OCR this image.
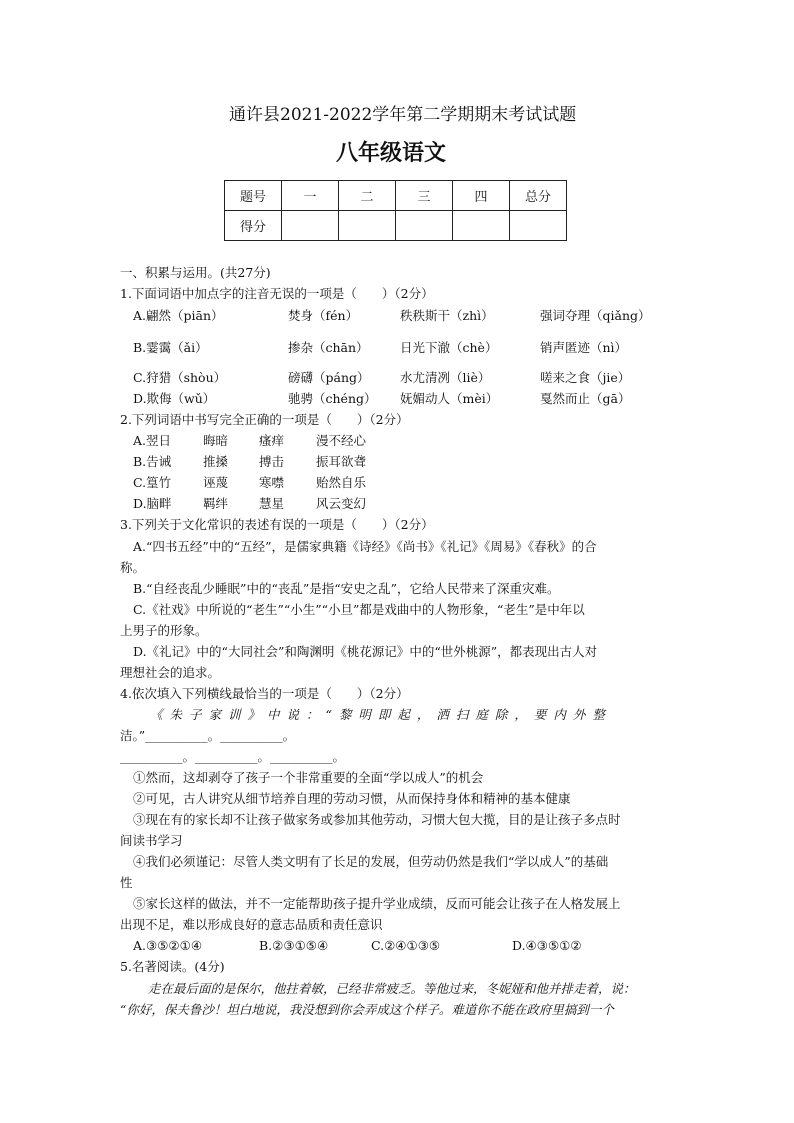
通许县2021-2022学年第二学期期末考试试题
八年级语文
题号	一	二	三	四	总分
得分					
一、积累与运用。(共27分)
1.下面词语中加点字的注音无误的一项是（　　）（2分）
A.翩然（piān）	焚身（fén）	秩秩斯干（zhì）	强词夺理（qiǎng）
B.霎霭（ǎi）	掺杂（chān）	日光下澈（chè）	销声匿迹（nì）
C.狩猎（shòu）	磅礴（páng） 水尤清冽（liè）	嗟来之食（jie）
D.欺侮（wǔ）	驰骋（chéng） 妩媚动人（mèi）	戛然而止（gā）
2.下列词语中书写完全正确的一项是（　　）（2分）
A.翌日	晦暗 瘙痒	漫不经心
B.告诫	推搡 搏击	振耳欲聋
C.篁竹	诬蔑 寒噤	贻然自乐
D.脑畔	羁绊 慧星	风云变幻
3.下列关于文化常识的表述有误的一项是（　　）（2分）
A.“四书五经”中的“五经”，是儒家典籍《诗经》《尚书》《礼记》《周易》《春秋》的合
称。
B.“自经丧乱少睡眠”中的“丧乱”是指“安史之乱”，它给人民带来了深重灾难。
C.《社戏》中所说的“老生”“小生”“小旦”都是戏曲中的人物形象，“老生”是中年以
上男子的形象。
D.《礼记》中的“大同社会”和陶渊明《桃花源记》中的“世外桃源”，都表现出古人对
理想社会的追求。
4.依次填入下列横线最恰当的一项是（　　）（2分）
《朱子家训》中说：“黎明即起，洒扫庭除，要内外整
洁。”__________。__________。
__________。__________。__________。
①然而，这却剥夺了孩子一个非常重要的全面“学以成人”的机会
②可见，古人讲究从细节培养自理的劳动习惯，从而保持身体和精神的基本健康
③现在有的家长却不让孩子做家务或参加其他劳动，习惯大包大揽，目的是让孩子多点时
间读书学习
④我们必须谨记：尽管人类文明有了长足的发展，但劳动仍然是我们“学以成人”的基础
性
⑤家长这样的做法，并不一定能帮助孩子提升学业成绩，反而可能会让孩子在人格发展上
出现不足，难以形成良好的意志品质和责任意识
A.③⑤②①④	B.②③①⑤④	C.②④①③⑤	D.④③⑤①②
5.名著阅读。(4分)
走在最后面的是保尔，他拄着敏，已经非常疲乏。等他过来，冬妮娅和他并排走着，说：
“你好，保夫鲁沙！坦白地说，我没想到你会弄成这个样子。难道你不能在政府里搞到一个
